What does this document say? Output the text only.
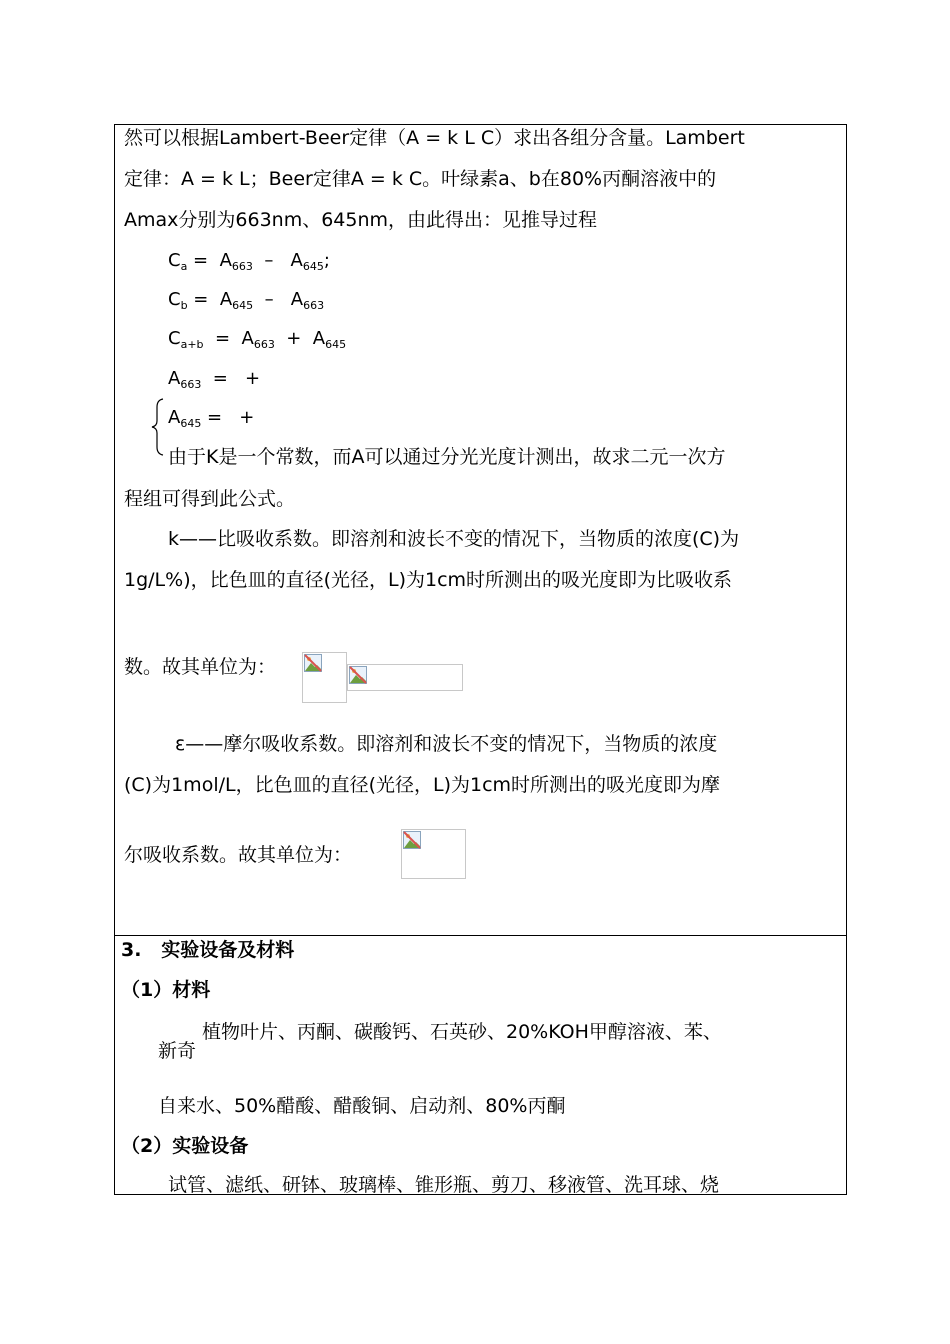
然可以根据Lambert-Beer定律（A = k L C）求出各组分含量。Lambert
定律：A = k L；Beer定律A = k C。叶绿素a、b在80%丙酮溶液中的
Amax分别为663nm、645nm，由此得出：见推导过程
$C_a = A_{663} - A_{645}$;
$C_b = A_{645} - A_{663}$
$C_{a+b} = A_{663} + A_{645}$
$A_{663}$  =   +
$A_{645}$ =   +
由于K是一个常数，而A可以通过分光光度计测出，故求二元一次方
程组可得到此公式。
k——比吸收系数。即溶剂和波长不变的情况下，当物质的浓度(C)为
1g/L%)，比色皿的直径(光径，L)为1cm时所测出的吸光度即为比吸收系
数。故其单位为：
ε——摩尔吸收系数。即溶剂和波长不变的情况下，当物质的浓度
(C)为1mol/L，比色皿的直径(光径，L)为1cm时所测出的吸光度即为摩
尔吸收系数。故其单位为：
3.   实验设备及材料
（1）材料
植物叶片、丙酮、碳酸钙、石英砂、20%KOH甲醇溶液、苯、
新奇
自来水、50%醋酸、醋酸铜、启动剂、80%丙酮
（2）实验设备
试管、滤纸、研钵、玻璃棒、锥形瓶、剪刀、移液管、洗耳球、烧
